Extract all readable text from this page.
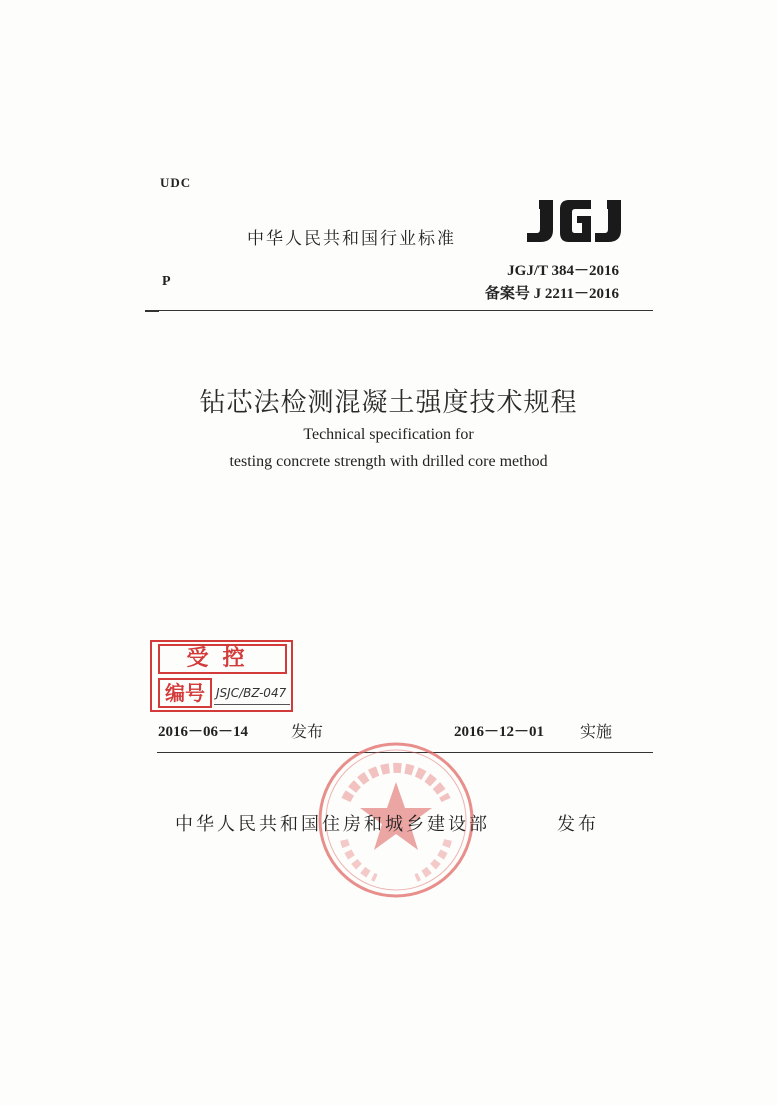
UDC
P
中华人民共和国行业标准
JGJ/T 384－2016
备案号 J 2211－2016
钻芯法检测混凝土强度技术规程
Technical specification for
testing concrete strength with drilled core method
受控
编号 JSJC/BZ-047
2016－06－14	发布	2016－12－01 实施
中华人民共和国住房和城乡建设部	发布
